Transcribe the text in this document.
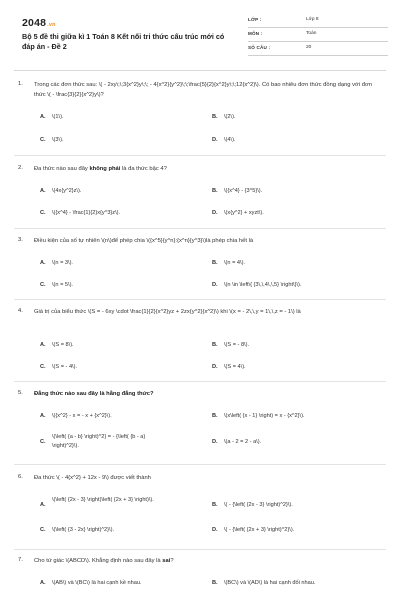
2048.vn
Bộ 5 đề thi giữa kì 1 Toán 8 Kết nối tri thức cấu trúc mới có đáp án - Đề 2
LỚP :	Lớp 8
MÔN :	Toán
SỐ CÂU :	20
1. Trong các đơn thức sau: \( - 2xy\;\;3{x^2}y\;\; - 4{x^2}{y^2}\;\;\frac{5}{2}{x^2}y\;\;12{x^2}\). Có bao nhiêu đơn thức đồng dạng với đơn thức \( - \frac{3}{2}{x^2}y\)?
A. \(1\).	B. \(2\).
C. \(3\).	D. \(4\).
2. Đa thức nào sau đây không phải là đa thức bậc 4?
A. \(4x{y^2}z\).	B. \({x^4} - {3^5}\).
C. \({x^4} - \frac{1}{2}x{y^3}z\).	D. \(x{y^2} + xyzt\).
3. Điều kiện của số tự nhiên \(n\)để phép chia \({x^5}{y^n}:{x^n}{y^3}\)là phép chia hết là
A. \(n = 3\).	B. \(n = 4\).
C. \(n = 5\).	D. \(n \in \left\{ {3\,\,4\,\,5} \right\}\).
4. Giá trị của biểu thức \(S = - 6xy \cdot \frac{1}{2}{x^2}yz + 2zx{y^2}{x^2}\) khi \(x = - 2\,\,y = 1\,\,z = - 1\) là
A. \(S = 8\).	B. \(S = - 8\).
C. \(S = - 4\).	D. \(S = 4\).
5. Đẳng thức nào sau đây là hằng đẳng thức?
A. \({x^2} - x = - x + {x^2}\).	B. \(x\left( {x - 1} \right) = x - {x^2}\).
C.
\(\left( {a - b} \right)^2} = - {\left( {b - a} \right)^2}\).
D. \(a - 2 = 2 - a\).
6. Đa thức \( - 4{x^2} + 12x - 9\) được viết thành
A.
\(\left( {2x - 3} \right)\left( {2x + 3} \right)\).
B. \( - {\left( {2x - 3} \right)^2}\).
C. \(\left( {3 - 2x} \right)^2}\).	D. \( - {\left( {2x + 3} \right)^2}\).
7. Cho tứ giác \(ABCD\). Khẳng định nào sau đây là sai?
A. \(AB\) và \(BC\) là hai cạnh kề nhau.	B. \(BC\) và \(AD\) là hai cạnh đối nhau.
